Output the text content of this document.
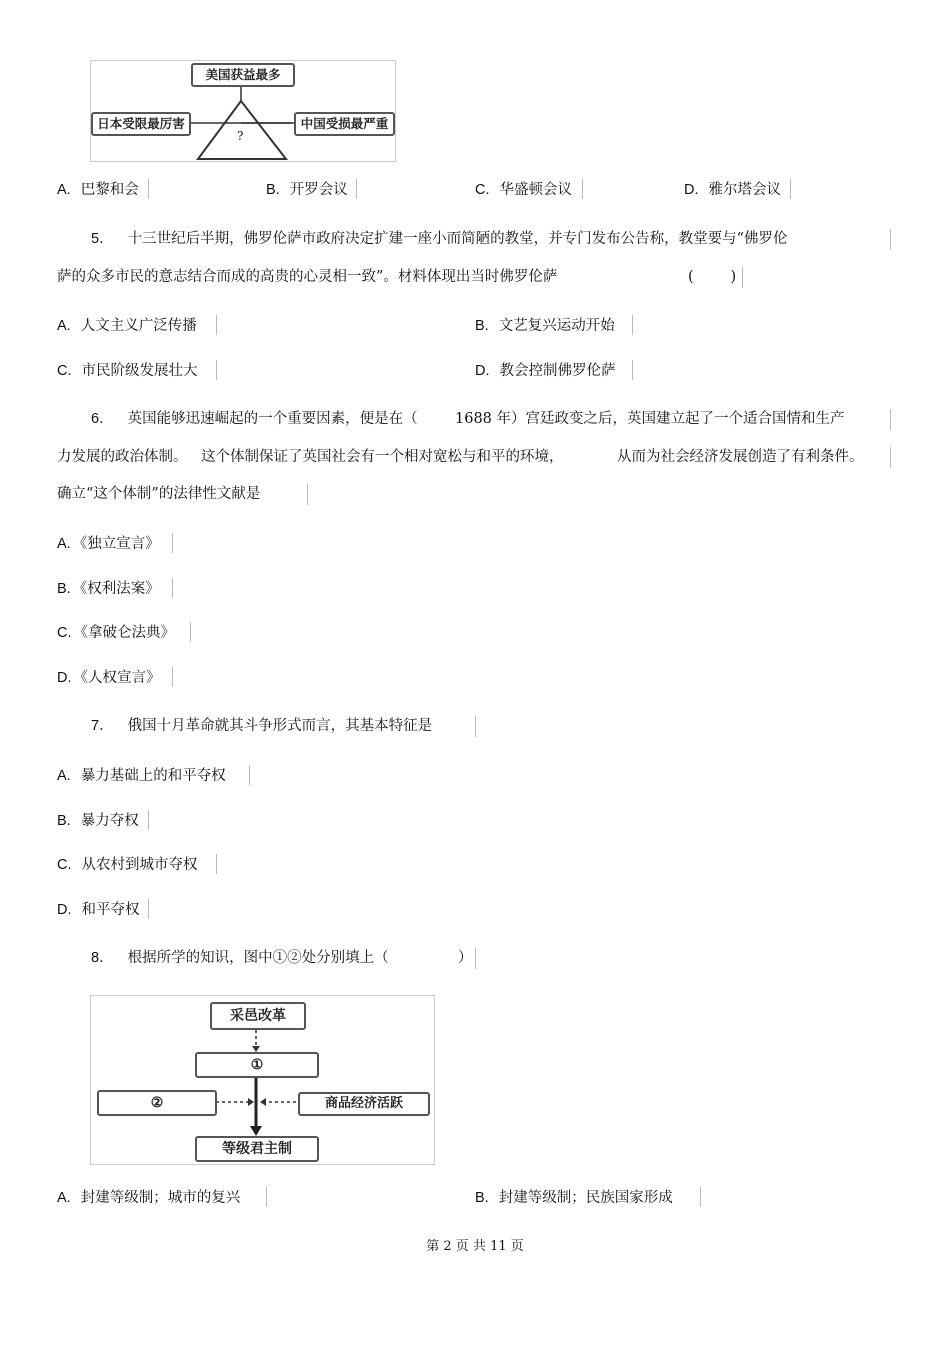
美国获益最多
日本受限最厉害	中国受损最严重
?
A. 巴黎和会	B. 开罗会议	C. 华盛顿会议	D. 雅尔塔会议
5． 十三世纪后半期，佛罗伦萨市政府决定扩建一座小而简陋的教堂，并专门发布公告称，教堂要与“佛罗伦
萨的众多市民的意志结合而成的高贵的心灵相一致”。材料体现出当时佛罗伦萨	(        )
A. 人文主义广泛传播	B. 文艺复兴运动开始
C. 市民阶级发展壮大	D. 教会控制佛罗伦萨
6． 英国能够迅速崛起的一个重要因素，便是在（	1688 年）宫廷政变之后，英国建立起了一个适合国情和生产
力发展的政治体制。 这个体制保证了英国社会有一个相对宽松与和平的环境，	从而为社会经济发展创造了有利条件。
确立“这个体制”的法律性文献是
A. 《独立宣言》
B. 《权利法案》
C. 《拿破仑法典》
D. 《人权宣言》
7． 俄国十月革命就其斗争形式而言，其基本特征是
A. 暴力基础上的和平夺权
B. 暴力夺权
C. 从农村到城市夺权
D. 和平夺权
8． 根据所学的知识，图中①②处分别填上（	）
采邑改革
①
②	商品经济活跃
等级君主制
A. 封建等级制；城市的复兴	B. 封建等级制；民族国家形成
第 2 页 共 11 页
